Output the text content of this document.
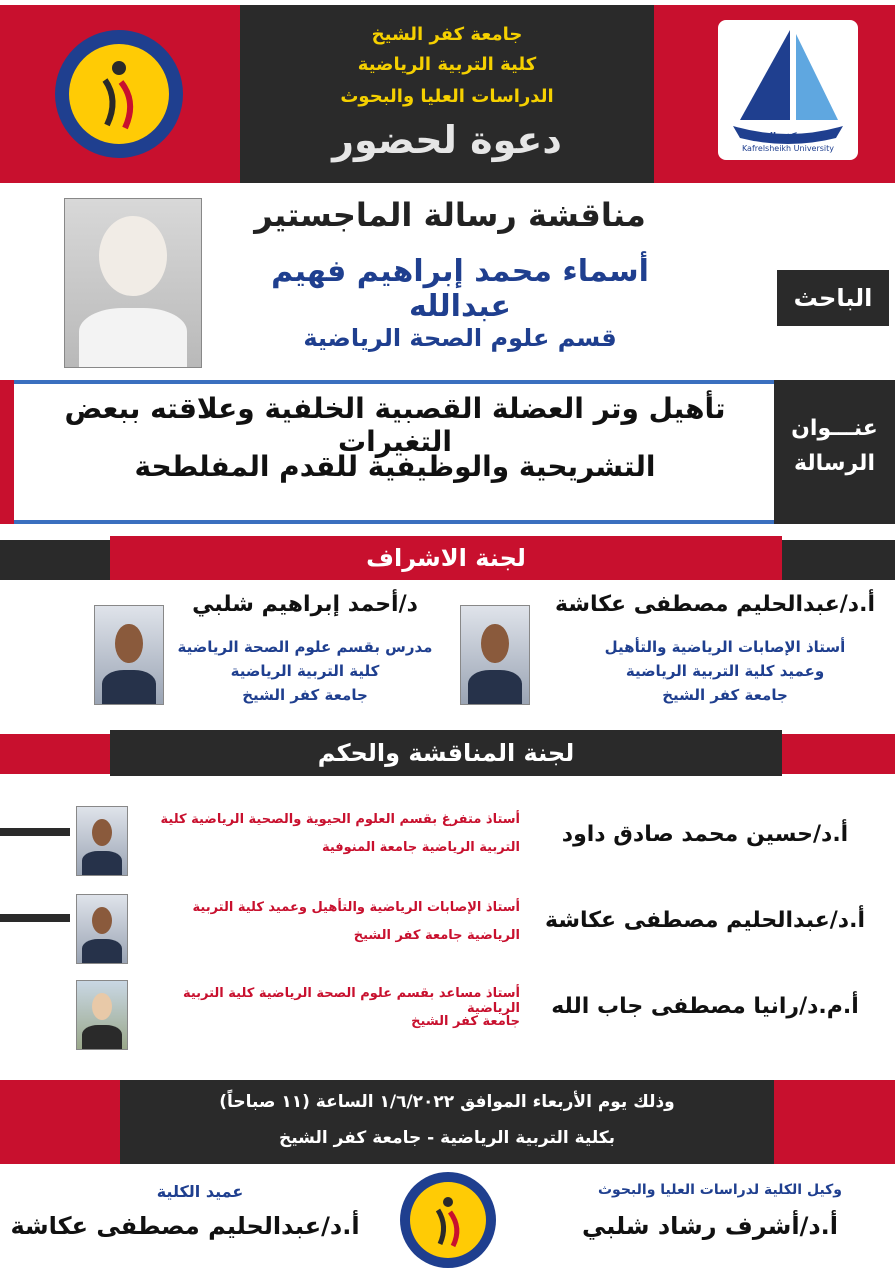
جامعة كفر الشيخ
Kafrelsheikh University
جامعة كفر الشيخ
كلية التربية الرياضية
الدراسات العليا والبحوث
دعوة لحضور
مناقشة رسالة الماجستير
أسماء محمد إبراهيم فهيم عبدالله
قسم علوم الصحة الرياضية
الباحث
تأهيل وتر العضلة القصبية الخلفية وعلاقته ببعض التغيرات
التشريحية والوظيفية للقدم المفلطحة
عنـــوان
الرسالة
لجنة الاشراف
أ.د/عبدالحليم مصطفى عكاشة
أستاذ الإصابات الرياضية والتأهيل
وعميد كلية التربية الرياضية
جامعة كفر الشيخ
د/أحمد إبراهيم شلبي
مدرس بقسم علوم الصحة الرياضية
كلية التربية الرياضية
جامعة كفر الشيخ
لجنة المناقشة والحكم
أستاذ متفرغ بقسم العلوم الحيوية والصحية الرياضية كلية
التربية الرياضية جامعة المنوفية
أ.د/حسين محمد صادق داود
أستاذ الإصابات الرياضية والتأهيل وعميد كلية التربية
الرياضية جامعة كفر الشيخ
أ.د/عبدالحليم مصطفى عكاشة
أستاذ مساعد بقسم علوم الصحة الرياضية كلية التربية الرياضية
جامعة كفر الشيخ
أ.م.د/رانيا مصطفى جاب الله
وذلك يوم الأربعاء الموافق ١/٦/٢٠٢٢ الساعة (١١ صباحاً)
بكلية التربية الرياضية - جامعة كفر الشيخ
عميد الكلية
أ.د/عبدالحليم مصطفى عكاشة
وكيل الكلية لدراسات العليا والبحوث
أ.د/أشرف رشاد شلبي
